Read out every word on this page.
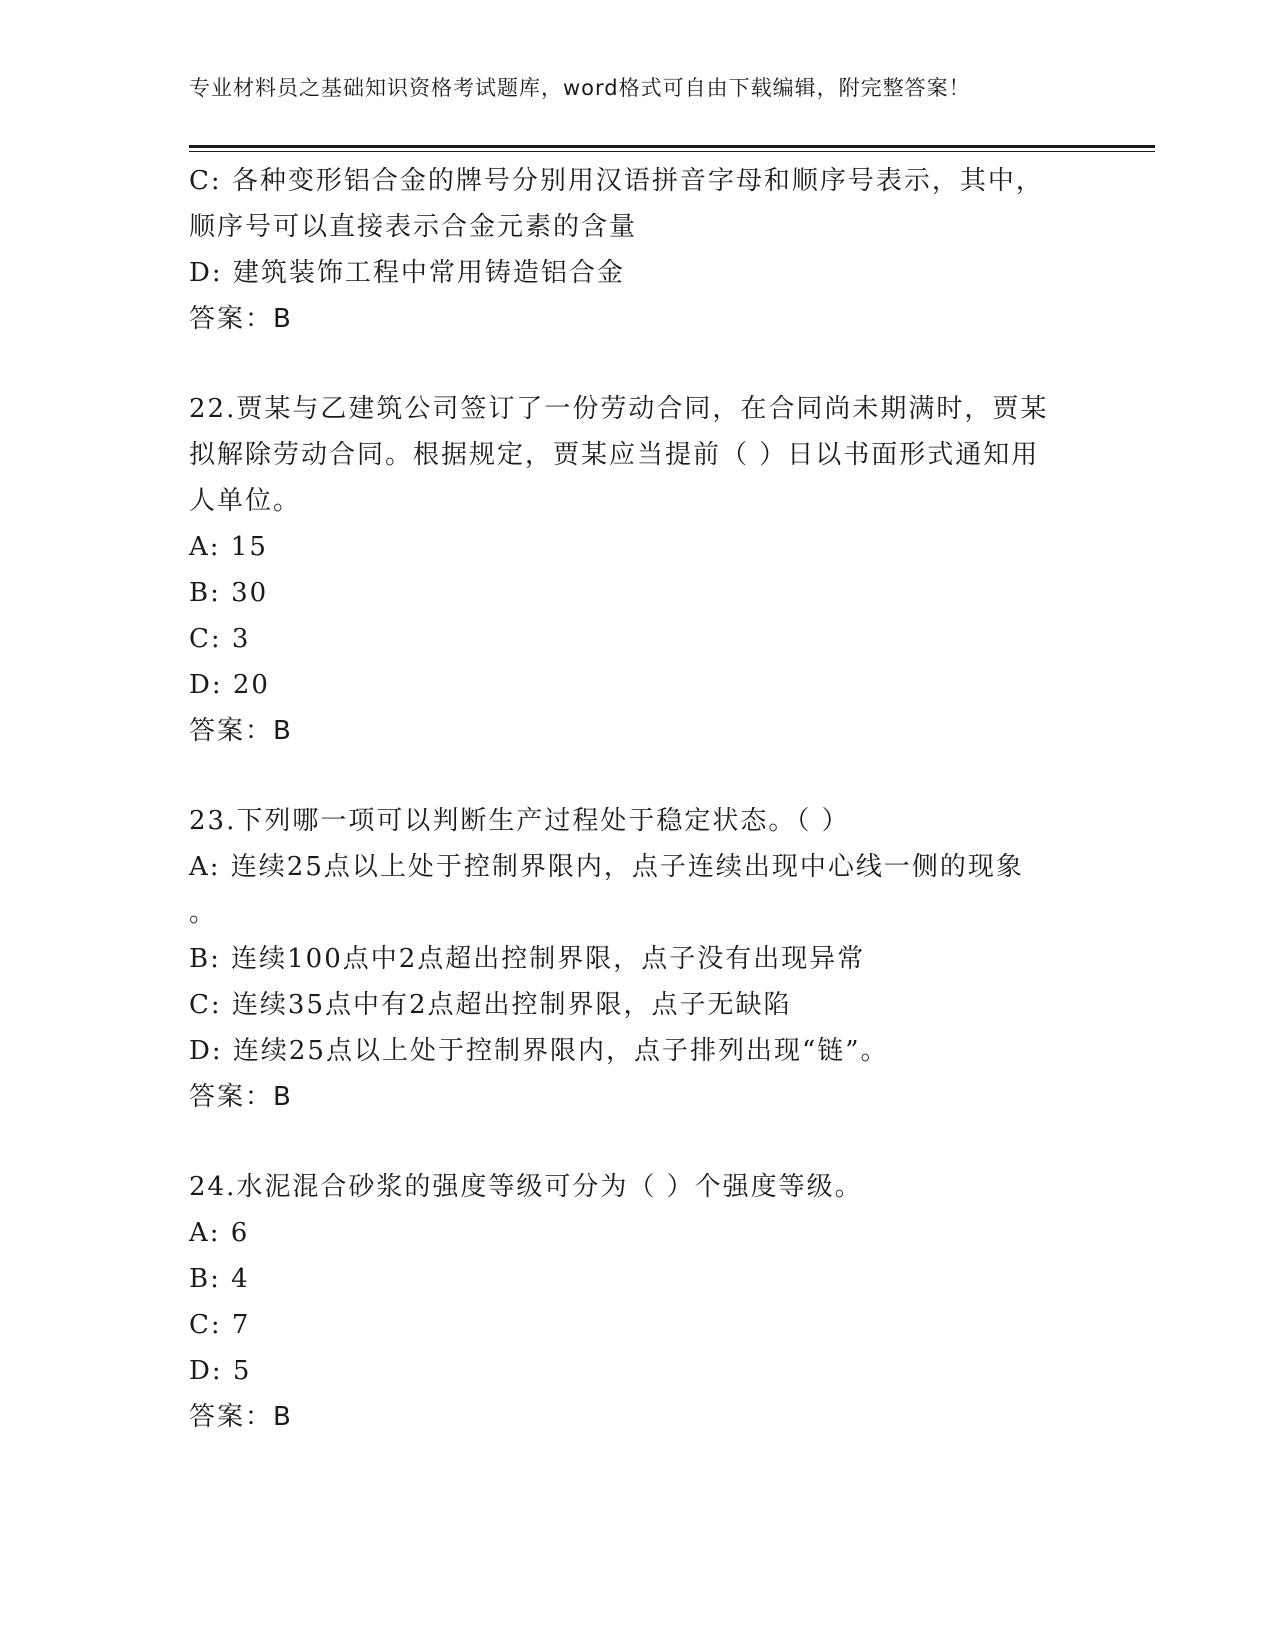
专业材料员之基础知识资格考试题库，word格式可自由下载编辑，附完整答案！
C: 各种变形铝合金的牌号分别用汉语拼音字母和顺序号表示，其中，
顺序号可以直接表示合金元素的含量
D: 建筑装饰工程中常用铸造铝合金
答案：B
22.贾某与乙建筑公司签订了一份劳动合同，在合同尚未期满时，贾某
拟解除劳动合同。根据规定，贾某应当提前（ ）日以书面形式通知用
人单位。
A: 15
B: 30
C: 3
D: 20
答案：B
23.下列哪一项可以判断生产过程处于稳定状态。（ ）
A: 连续25点以上处于控制界限内，点子连续出现中心线一侧的现象
。
B: 连续100点中2点超出控制界限，点子没有出现异常
C: 连续35点中有2点超出控制界限，点子无缺陷
D: 连续25点以上处于控制界限内，点子排列出现“链”。
答案：B
24.水泥混合砂浆的强度等级可分为（ ）个强度等级。
A: 6
B: 4
C: 7
D: 5
答案：B
